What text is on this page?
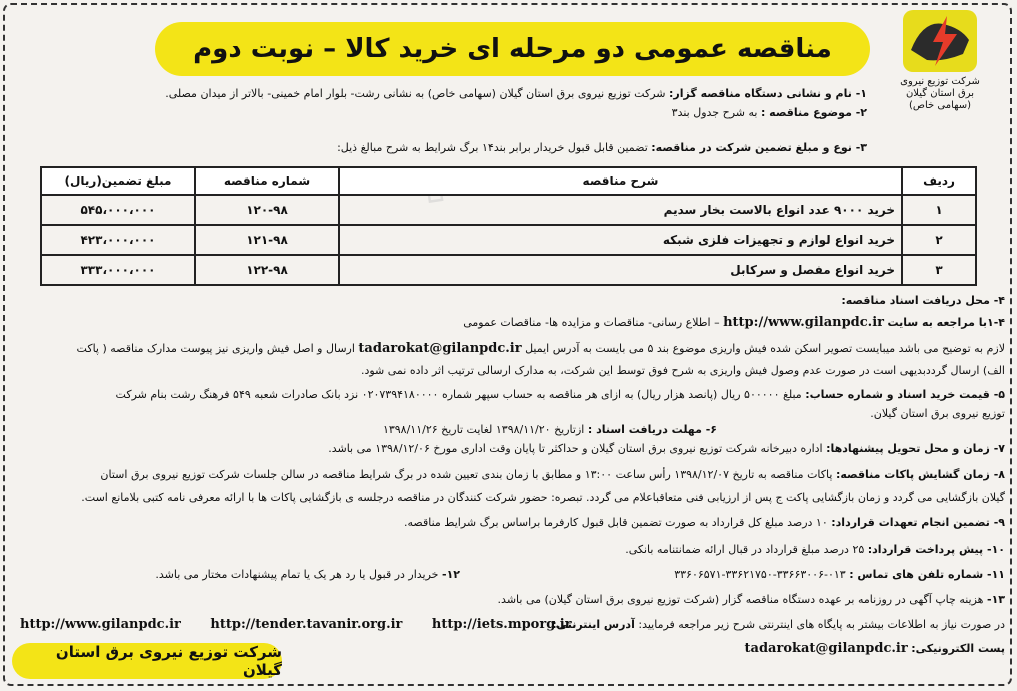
مناقصه عمومی دو مرحله ای خرید کالا – نوبت دوم
شرکت توزیع نیروی
برق استان گیلان
(سهامی خاص)
۱- نام و نشانی دستگاه مناقصه گزار: شرکت توزیع نیروی برق استان گیلان (سهامی خاص) به نشانی رشت- بلوار امام خمینی- بالاتر از میدان مصلی.
۲- موضوع مناقصه : به شرح جدول بند۳
۳- نوع و مبلغ تضمین شرکت در مناقصه: تضمین قابل قبول خریدار برابر بند۱۴ برگ شرایط به شرح مبالغ ذیل:
ردیف	شرح مناقصه	شماره مناقصه	مبلغ تضمین(ریال)
۱	خرید ۹۰۰۰ عدد انواع بالاست بخار سدیم	۱۲۰-۹۸	۵۴۵،۰۰۰،۰۰۰
۲	خرید انواع لوازم و تجهیزات فلزی شبکه	۱۲۱-۹۸	۴۲۳،۰۰۰،۰۰۰
۳	خرید انواع مفصل و سرکابل	۱۲۲-۹۸	۳۳۳،۰۰۰،۰۰۰
۴- محل دریافت اسناد مناقصه:
۱-۴با مراجعه به سایت http://www.gilanpdc.ir – اطلاع رسانی- مناقصات و مزایده ها- مناقصات عمومی
لازم به توضیح می باشد میبایست تصویر اسکن شده فیش واریزی موضوع بند ۵ می بایست به آدرس ایمیل tadarokat@gilanpdc.ir ارسال و اصل فیش واریزی نیز پیوست مدارک مناقصه ( پاکت
الف) ارسال گرددبدیهی است در صورت عدم وصول فیش واریزی به شرح فوق توسط این شرکت، به مدارک ارسالی ترتیب اثر داده نمی شود.
۵- قیمت خرید اسناد و شماره حساب: مبلغ ۵۰۰۰۰۰ ریال (پانصد هزار ریال) به ازای هر مناقصه به حساب سپهر شماره ۰۲۰۷۳۹۴۱۸۰۰۰۰ نزد بانک صادرات شعبه ۵۴۹ فرهنگ رشت بنام شرکت
توزیع نیروی برق استان گیلان.
۶- مهلت دریافت اسناد : ازتاریخ ۱۳۹۸/۱۱/۲۰ لغایت تاریخ ۱۳۹۸/۱۱/۲۶
۷- زمان و محل تحویل پیشنهادها: اداره دبیرخانه شرکت توزیع نیروی برق استان گیلان و حداکثر تا پایان وقت اداری مورخ ۱۳۹۸/۱۲/۰۶ می باشد.
۸- زمان گشایش پاکات مناقصه: پاکات مناقصه به تاریخ ۱۳۹۸/۱۲/۰۷ رأس ساعت ۱۳:۰۰ و مطابق با زمان بندی تعیین شده در برگ شرایط مناقصه در سالن جلسات شرکت توزیع نیروی برق استان
گیلان بازگشایی می گردد و زمان بازگشایی پاکت ج پس از ارزیابی فنی متعاقباعلام می گردد. تبصره: حضور شرکت کنندگان در مناقصه درجلسه ی بازگشایی پاکات ها با ارائه معرفی نامه کتبی بلامانع است.
۹- تضمین انجام تعهدات قرارداد: ۱۰ درصد مبلغ کل قرارداد به صورت تضمین قابل قبول کارفرما براساس برگ شرایط مناقصه.
۱۰- پیش پرداخت قرارداد: ۲۵ درصد مبلغ قرارداد در قبال ارائه ضمانتنامه بانکی.
۱۱- شماره تلفن های تماس : ۰۱۳-۳۳۶۶۳۰۰۶-۳۳۶۲۱۷۵۰-۳۳۶۰۶۵۷۱
۱۲- خریدار در قبول یا رد هر یک یا تمام پیشنهادات مختار می باشد.
۱۳- هزینه چاپ آگهی در روزنامه بر عهده دستگاه مناقصه گزار (شرکت توزیع نیروی برق استان گیلان) می باشد.
در صورت نیاز به اطلاعات بیشتر به پایگاه های اینترنتی شرح زیر مراجعه فرمایید: آدرس اینترنتی:
http://www.gilanpdc.ir http://tender.tavanir.org.ir http://iets.mporg.ir
پست الکترونیکی: tadarokat@gilanpdc.ir
شرکت توزیع نیروی برق استان گیلان
